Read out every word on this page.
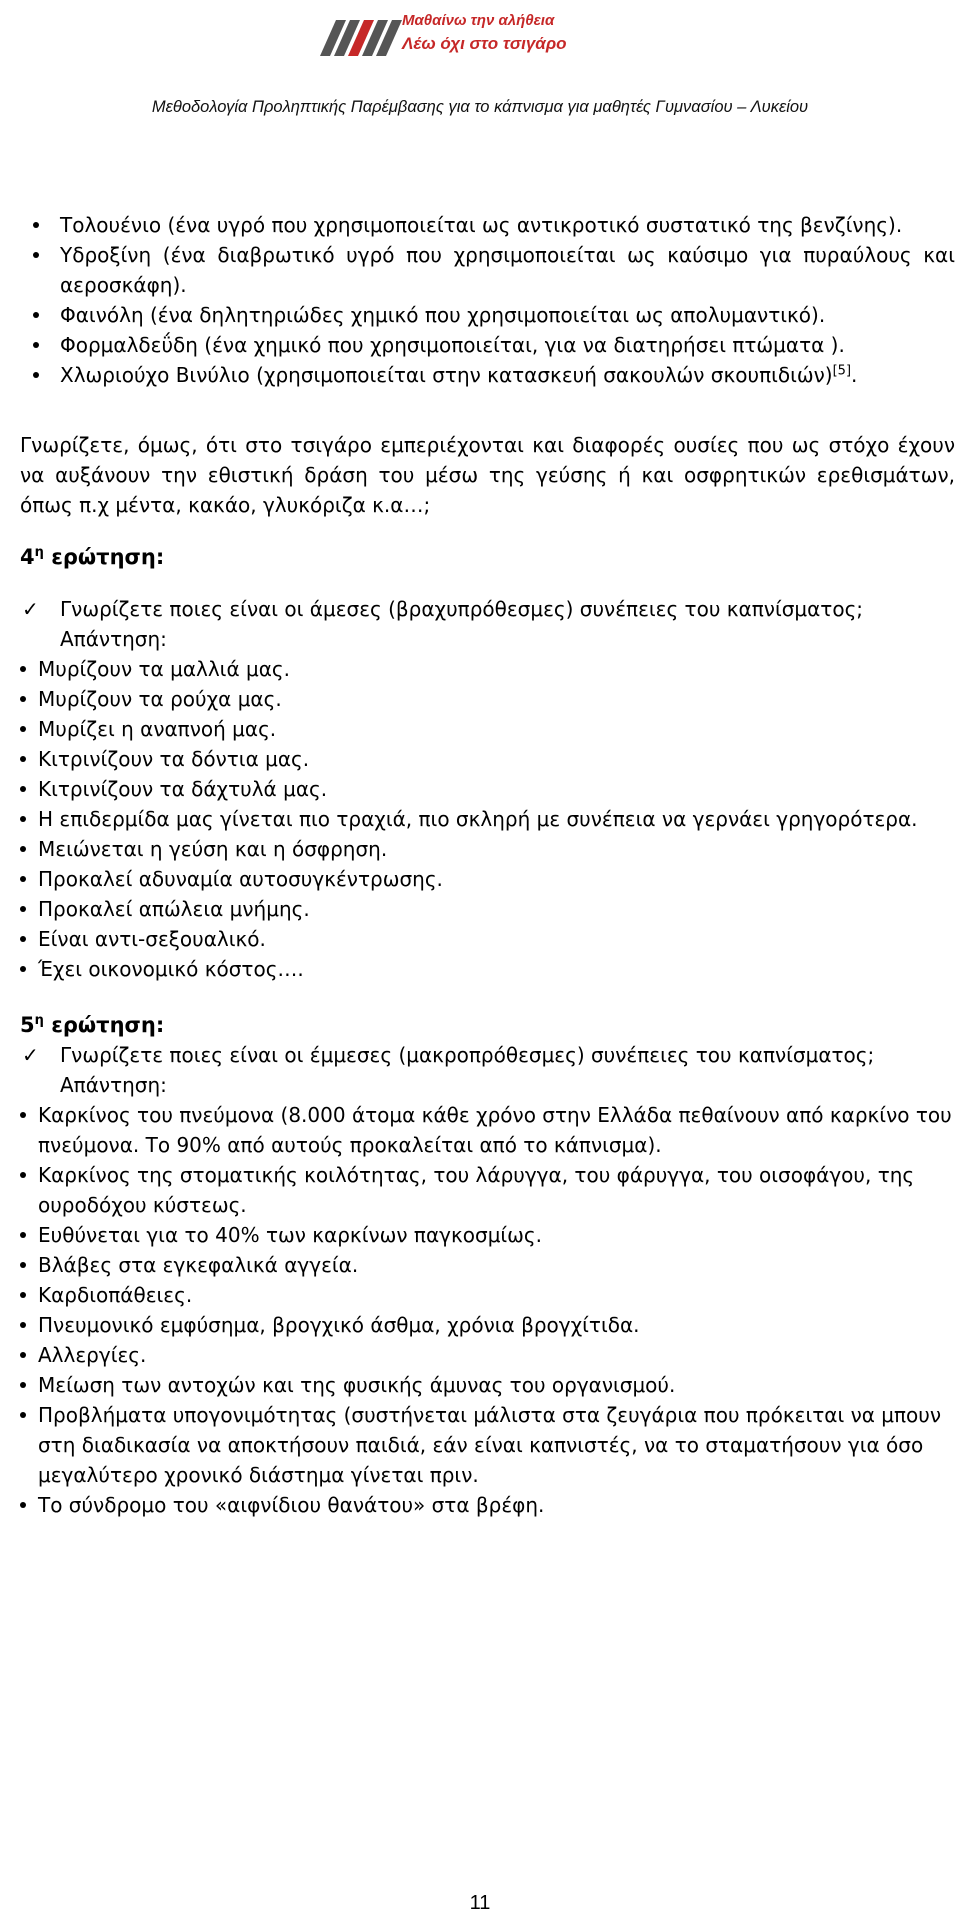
Μαθαίνω την αλήθεια
Λέω όχι στο τσιγάρο
Μεθοδολογία Προληπτικής Παρέμβασης για το κάπνισμα για μαθητές Γυμνασίου – Λυκείου
Τολουένιο (ένα υγρό που χρησιμοποιείται ως αντικροτικό συστατικό της βενζίνης).
Υδροξίνη (ένα διαβρωτικό υγρό που χρησιμοποιείται ως καύσιμο για πυραύλους και αεροσκάφη).
Φαινόλη (ένα δηλητηριώδες χημικό που χρησιμοποιείται ως απολυμαντικό).
Φορμαλδεΰδη (ένα χημικό που χρησιμοποιείται, για να διατηρήσει πτώματα ).
Χλωριούχο Βινύλιο (χρησιμοποιείται στην κατασκευή σακουλών σκουπιδιών)[5].

Γνωρίζετε, όμως, ότι στο τσιγάρο εμπεριέχονται και διαφορές ουσίες που ως στόχο έχουν να αυξάνουν την εθιστική δράση του μέσω της γεύσης ή και οσφρητικών ερεθισμάτων, όπως π.χ μέντα, κακάο, γλυκόριζα κ.α…;

$4^\eta$ ερώτηση:
✓ Γνωρίζετε ποιες είναι οι άμεσες (βραχυπρόθεσμες) συνέπειες του καπνίσματος;
Απάντηση:
Μυρίζουν τα μαλλιά μας.
Μυρίζουν τα ρούχα μας.
Μυρίζει η αναπνοή μας.
Κιτρινίζουν τα δόντια μας.
Κιτρινίζουν τα δάχτυλά μας.
Η επιδερμίδα μας γίνεται πιο τραχιά, πιο σκληρή με συνέπεια να γερνάει γρηγορότερα.
Μειώνεται η γεύση και η όσφρηση.
Προκαλεί αδυναμία αυτοσυγκέντρωσης.
Προκαλεί απώλεια μνήμης.
Είναι αντι-σεξουαλικό.
Έχει οικονομικό κόστος….
$5^\eta$ ερώτηση:
✓ Γνωρίζετε ποιες είναι οι έμμεσες (μακροπρόθεσμες) συνέπειες του καπνίσματος;
Απάντηση:
Καρκίνος του πνεύμονα (8.000 άτομα κάθε χρόνο στην Ελλάδα πεθαίνουν από καρκίνο του πνεύμονα. Το 90% από αυτούς προκαλείται από το κάπνισμα).
Καρκίνος της στοματικής κοιλότητας, του λάρυγγα, του φάρυγγα, του οισοφάγου, της ουροδόχου κύστεως.
Ευθύνεται για το 40% των καρκίνων παγκοσμίως.
Βλάβες στα εγκεφαλικά αγγεία.
Καρδιοπάθειες.
Πνευμονικό εμφύσημα, βρογχικό άσθμα, χρόνια βρογχίτιδα.
Αλλεργίες.
Μείωση των αντοχών και της φυσικής άμυνας του οργανισμού.
Προβλήματα υπογονιμότητας (συστήνεται μάλιστα στα ζευγάρια που πρόκειται να μπουν στη διαδικασία να αποκτήσουν παιδιά, εάν είναι καπνιστές, να το σταματήσουν για όσο μεγαλύτερο χρονικό διάστημα γίνεται πριν.
Το σύνδρομο του «αιφνίδιου θανάτου» στα βρέφη.
11
